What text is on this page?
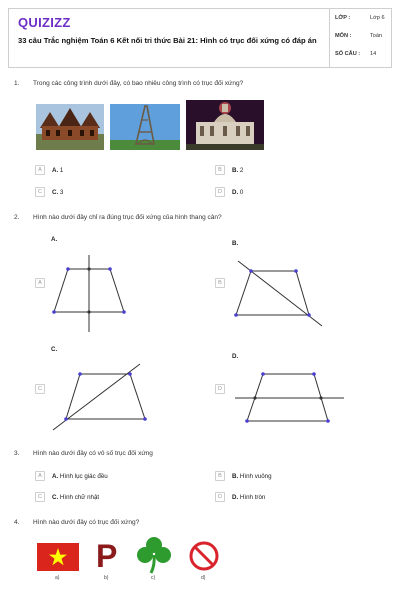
QUIZIZZ
33 câu Trắc nghiệm Toán 6 Kết nối tri thức Bài 21: Hình có trục đối xứng có đáp án
LỚP :	Lớp 6
MÔN :	Toán
SỐ CÂU : 14
1. Trong các công trình dưới đây, có bao nhiêu công trình có trục đối xứng?
A	A. 1	B	B. 2
C	C. 3	D	D. 0
2. Hình nào dưới đây chỉ ra đúng trục đối xứng của hình thang cân?
A.
B.
C.
D.
A	B
C	D
3. Hình nào dưới đây có vô số trục đối xứng
A	A. Hình lục giác đều	B	B. Hình vuông
C	C. Hình chữ nhật	D	D. Hình tròn
4. Hình nào dưới đây có trục đối xứng?
a)
P
b)	c)	d)
